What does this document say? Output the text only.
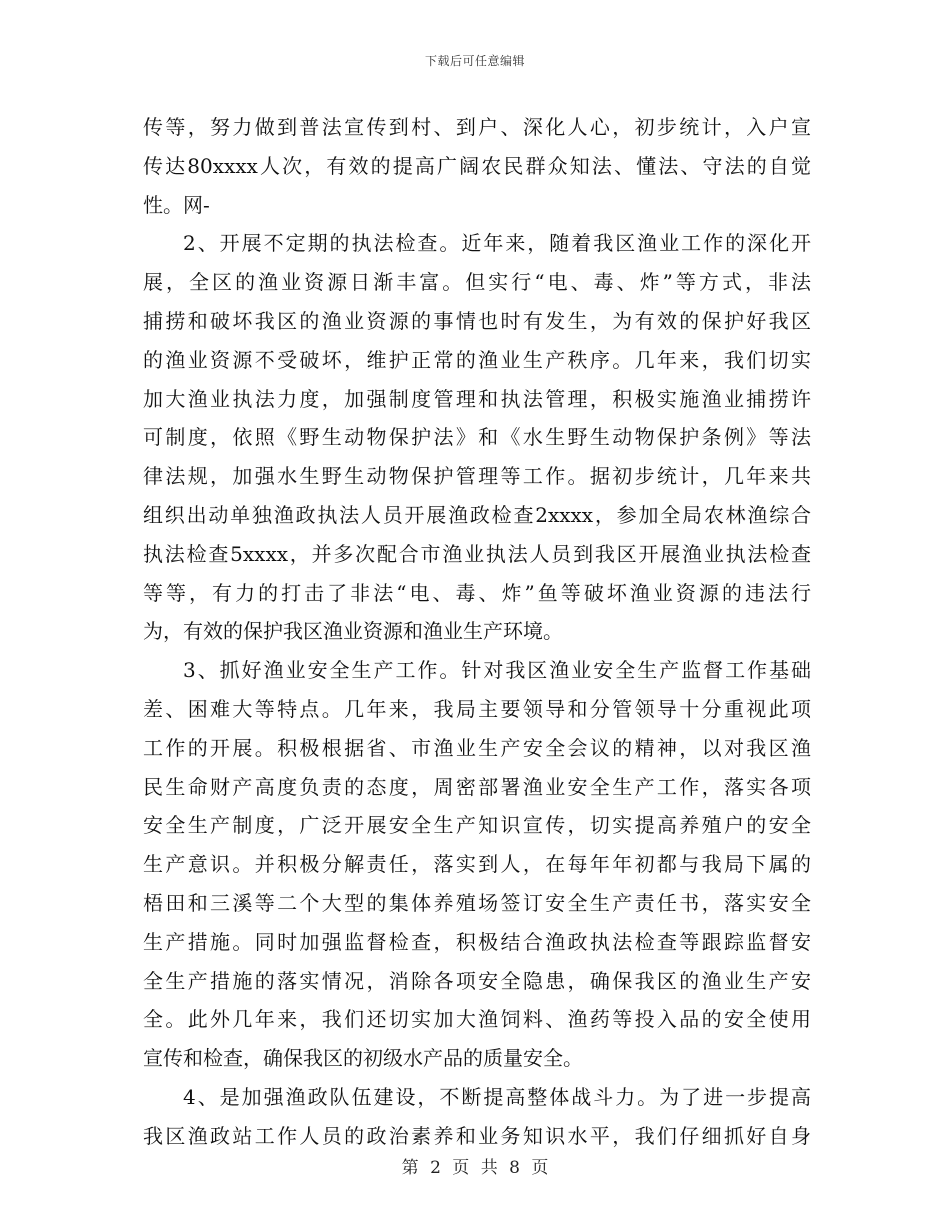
下载后可任意编辑
传等，努力做到普法宣传到村、到户、深化人心，初步统计，入户宣
传达80xxxx人次，有效的提高广阔农民群众知法、懂法、守法的自觉
性。网-
2、开展不定期的执法检查。近年来，随着我区渔业工作的深化开
展，全区的渔业资源日渐丰富。但实行“电、毒、炸”等方式，非法
捕捞和破坏我区的渔业资源的事情也时有发生，为有效的保护好我区
的渔业资源不受破坏，维护正常的渔业生产秩序。几年来，我们切实
加大渔业执法力度，加强制度管理和执法管理，积极实施渔业捕捞许
可制度，依照《野生动物保护法》和《水生野生动物保护条例》等法
律法规，加强水生野生动物保护管理等工作。据初步统计，几年来共
组织出动单独渔政执法人员开展渔政检查2xxxx，参加全局农林渔综合
执法检查5xxxx，并多次配合市渔业执法人员到我区开展渔业执法检查
等等，有力的打击了非法“电、毒、炸”鱼等破坏渔业资源的违法行
为，有效的保护我区渔业资源和渔业生产环境。
3、抓好渔业安全生产工作。针对我区渔业安全生产监督工作基础
差、困难大等特点。几年来，我局主要领导和分管领导十分重视此项
工作的开展。积极根据省、市渔业生产安全会议的精神，以对我区渔
民生命财产高度负责的态度，周密部署渔业安全生产工作，落实各项
安全生产制度，广泛开展安全生产知识宣传，切实提高养殖户的安全
生产意识。并积极分解责任，落实到人，在每年年初都与我局下属的
梧田和三溪等二个大型的集体养殖场签订安全生产责任书，落实安全
生产措施。同时加强监督检查，积极结合渔政执法检查等跟踪监督安
全生产措施的落实情况，消除各项安全隐患，确保我区的渔业生产安
全。此外几年来，我们还切实加大渔饲料、渔药等投入品的安全使用
宣传和检查，确保我区的初级水产品的质量安全。
4、是加强渔政队伍建设，不断提高整体战斗力。为了进一步提高
我区渔政站工作人员的政治素养和业务知识水平，我们仔细抓好自身
第 2 页 共 8 页
